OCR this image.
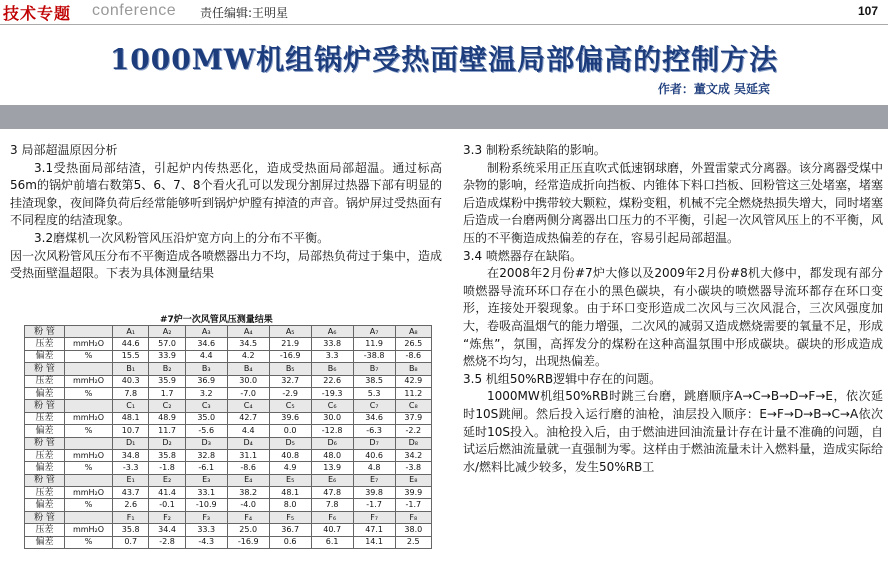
技术专题 conference 责任编辑:王明星	107
1000MW机组锅炉受热面壁温局部偏高的控制方法
作者：董文成 吴延宾

3 局部超温原因分析

3.1受热面局部结渣，引起炉内传热恶化，造成受热面局部超温。通过标高56m的锅炉前墙右数第5、6、7、8个看火孔可以发现分割屏过热器下部有明显的挂渣现象，夜间降负荷后经常能够听到锅炉炉膛有掉渣的声音。锅炉屏过受热面有不同程度的结渣现象。

3.2磨煤机一次风粉管风压沿炉宽方向上的分布不平衡。

因一次风粉管风压分布不平衡造成各喷燃器出力不均，局部热负荷过于集中，造成受热面壁温超限。下表为具体测量结果

#7炉一次风管风压测量结果
粉 管		A₁	A₂	A₃	A₄	A₅	A₆	A₇	A₈
压差	mmH₂O	44.6	57.0	34.6	34.5	21.9	33.8	11.9	26.5
偏差	%	15.5	33.9	4.4	4.2	-16.9	3.3	-38.8	-8.6
粉 管		B₁	B₂	B₃	B₄	B₅	B₆	B₇	B₈
压差	mmH₂O	40.3	35.9	36.9	30.0	32.7	22.6	38.5	42.9
偏差	%	7.8	1.7	3.2	-7.0	-2.9	-19.3	5.3	11.2
粉 管		C₁	C₂	C₃	C₄	C₅	C₆	C₇	C₈
压差	mmH₂O	48.1	48.9	35.0	42.7	39.6	30.0	34.6	37.9
偏差	%	10.7	11.7	-5.6	4.4	0.0	-12.8	-6.3	-2.2
粉 管		D₁	D₂	D₃	D₄	D₅	D₆	D₇	D₈
压差	mmH₂O	34.8	35.8	32.8	31.1	40.8	48.0	40.6	34.2
偏差	%	-3.3	-1.8	-6.1	-8.6	4.9	13.9	4.8	-3.8
粉 管		E₁	E₂	E₃	E₄	E₅	E₆	E₇	E₈
压差	mmH₂O	43.7	41.4	33.1	38.2	48.1	47.8	39.8	39.9
偏差	%	2.6	-0.1	-10.9	-4.0	8.0	7.8	-1.7	-1.7
粉 管		F₁	F₂	F₃	F₄	F₅	F₆	F₇	F₈
压差	mmH₂O	35.8	34.4	33.3	25.0	36.7	40.7	47.1	38.0
偏差	%	0.7	-2.8	-4.3	-16.9	0.6	6.1	14.1	2.5

3.3 制粉系统缺陷的影响。

制粉系统采用正压直吹式低速钢球磨，外置雷蒙式分离器。该分离器受煤中杂物的影响，经常造成折向挡板、内锥体下料口挡板、回粉管这三处堵塞，堵塞后造成煤粉中携带较大颗粒，煤粉变粗，机械不完全燃烧热损失增大，同时堵塞后造成一台磨两侧分离器出口压力的不平衡，引起一次风管风压上的不平衡，风压的不平衡造成热偏差的存在，容易引起局部超温。

3.4 喷燃器存在缺陷。

在2008年2月份#7炉大修以及2009年2月份#8机大修中，都发现有部分喷燃器导流环环口存在小的黑色碳块，有小碳块的喷燃器导流环都存在环口变形，连接处开裂现象。由于环口变形造成二次风与三次风混合，三次风强度加大，卷吸高温烟气的能力增强，二次风的减弱又造成燃烧需要的氧量不足，形成 “炼焦”，氛围，高挥发分的煤粉在这种高温氛围中形成碳块。碳块的形成造成燃烧不均匀，出现热偏差。

3.5 机组50%RB逻辑中存在的问题。

1000MW机组50%RB时跳三台磨，跳磨顺序A→C→B→D→F→E，依次延时10S跳闸。然后投入运行磨的油枪，油层投入顺序：E→F→D→B→C→A依次延时10S投入。油枪投入后，由于燃油进回油流量计存在计量不准确的问题，自试运后燃油流量就一直强制为零。这样由于燃油流量未计入燃料量，造成实际给水/燃料比减少较多，发生50%RB工
